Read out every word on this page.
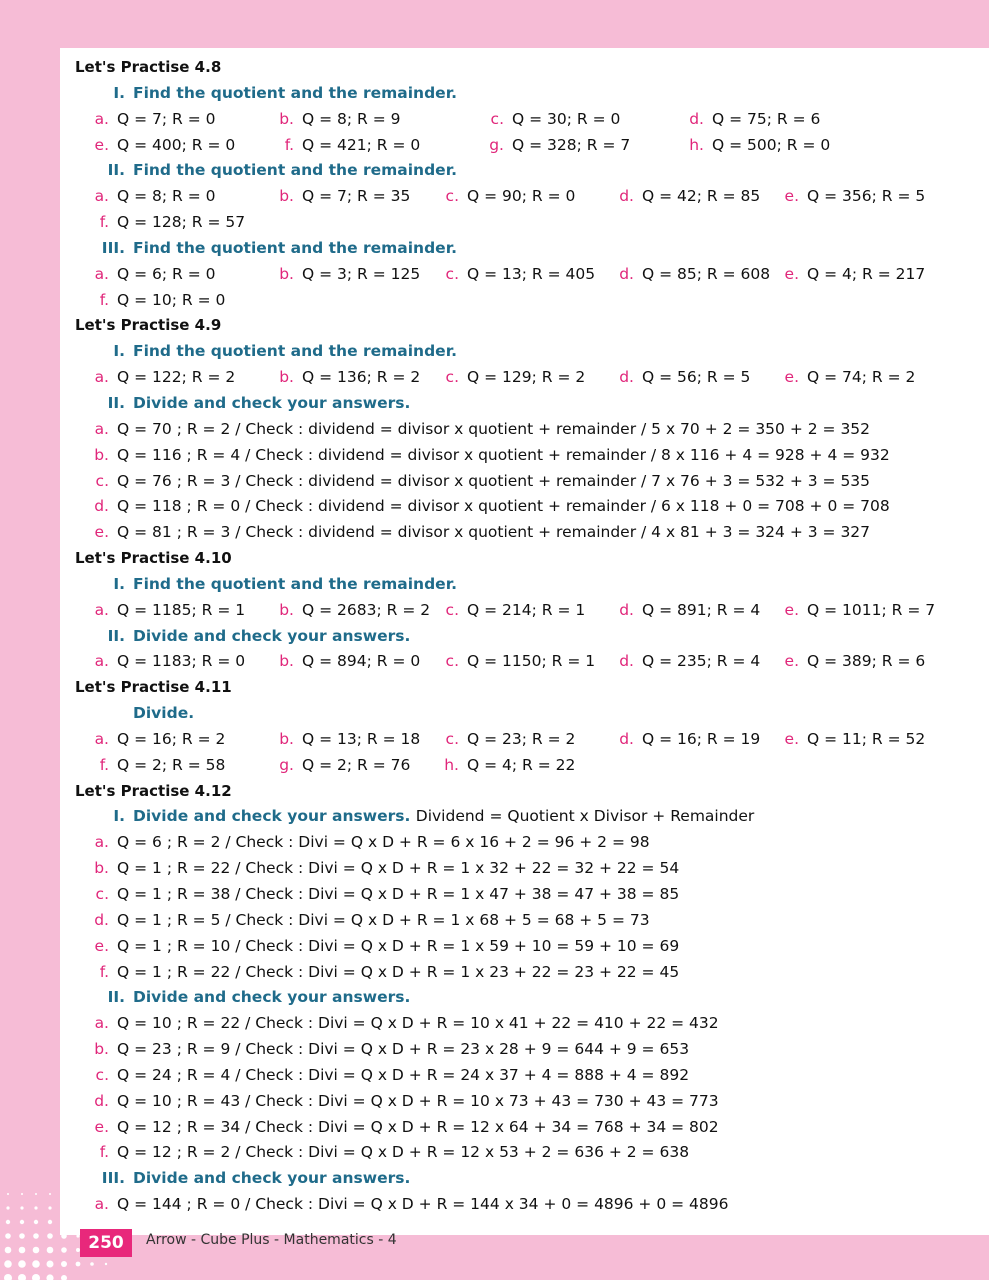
250	Arrow - Cube Plus - Mathematics - 4
Let's Practise 4.8
I. Find the quotient and the remainder.
a. Q = 7; R = 0	b. Q = 8; R = 9	c. Q = 30; R = 0	d. Q = 75; R = 6
e. Q = 400; R = 0	f. Q = 421; R = 0	g. Q = 328; R = 7	h. Q = 500; R = 0
II. Find the quotient and the remainder.
a. Q = 8; R = 0	b. Q = 7; R = 35	c. Q = 90; R = 0	d. Q = 42; R = 85	e. Q = 356; R = 5
f. Q = 128; R = 57
III. Find the quotient and the remainder.
a. Q = 6; R = 0	b. Q = 3; R = 125	c. Q = 13; R = 405	d. Q = 85; R = 608 e. Q = 4; R = 217
f. Q = 10; R = 0
Let's Practise 4.9
I. Find the quotient and the remainder.
a. Q = 122; R = 2	b. Q = 136; R = 2	c. Q = 129; R = 2	d. Q = 56; R = 5	e. Q = 74; R = 2
II. Divide and check your answers.
a. Q = 70 ; R = 2 / Check : dividend = divisor x quotient + remainder / 5 x 70 + 2 = 350 + 2 = 352
b. Q = 116 ; R = 4 / Check : dividend = divisor x quotient + remainder / 8 x 116 + 4 = 928 + 4 = 932
c. Q = 76 ; R = 3 / Check : dividend = divisor x quotient + remainder / 7 x 76 + 3 = 532 + 3 = 535
d. Q = 118 ; R = 0 / Check : dividend = divisor x quotient + remainder / 6 x 118 + 0 = 708 + 0 = 708
e. Q = 81 ; R = 3 / Check : dividend = divisor x quotient + remainder / 4 x 81 + 3 = 324 + 3 = 327
Let's Practise 4.10
I. Find the quotient and the remainder.
a. Q = 1185; R = 1	b. Q = 2683; R = 2 c. Q = 214; R = 1	d. Q = 891; R = 4	e. Q = 1011; R = 7
II. Divide and check your answers.
a. Q = 1183; R = 0	b. Q = 894; R = 0	c. Q = 1150; R = 1	d. Q = 235; R = 4	e. Q = 389; R = 6
Let's Practise 4.11
Divide.
a. Q = 16; R = 2	b. Q = 13; R = 18	c. Q = 23; R = 2	d. Q = 16; R = 19	e. Q = 11; R = 52
f. Q = 2; R = 58	g. Q = 2; R = 76	h. Q = 4; R = 22
Let's Practise 4.12
I. Divide and check your answers. Dividend = Quotient x Divisor + Remainder
a. Q = 6 ; R = 2 / Check : Divi = Q x D + R = 6 x 16 + 2 = 96 + 2 = 98
b. Q = 1 ; R = 22 / Check : Divi = Q x D + R = 1 x 32 + 22 = 32 + 22 = 54
c. Q = 1 ; R = 38 / Check : Divi = Q x D + R = 1 x 47 + 38 = 47 + 38 = 85
d. Q = 1 ; R = 5 / Check : Divi = Q x D + R = 1 x 68 + 5 = 68 + 5 = 73
e. Q = 1 ; R = 10 / Check : Divi = Q x D + R = 1 x 59 + 10 = 59 + 10 = 69
f. Q = 1 ; R = 22 / Check : Divi = Q x D + R = 1 x 23 + 22 = 23 + 22 = 45
II. Divide and check your answers.
a. Q = 10 ; R = 22 / Check : Divi = Q x D + R = 10 x 41 + 22 = 410 + 22 = 432
b. Q = 23 ; R = 9 / Check : Divi = Q x D + R = 23 x 28 + 9 = 644 + 9 = 653
c. Q = 24 ; R = 4 / Check : Divi = Q x D + R = 24 x 37 + 4 = 888 + 4 = 892
d. Q = 10 ; R = 43 / Check : Divi = Q x D + R = 10 x 73 + 43 = 730 + 43 = 773
e. Q = 12 ; R = 34 / Check : Divi = Q x D + R = 12 x 64 + 34 = 768 + 34 = 802
f. Q = 12 ; R = 2 / Check : Divi = Q x D + R = 12 x 53 + 2 = 636 + 2 = 638
III. Divide and check your answers.
a. Q = 144 ; R = 0 / Check : Divi = Q x D + R = 144 x 34 + 0 = 4896 + 0 = 4896
